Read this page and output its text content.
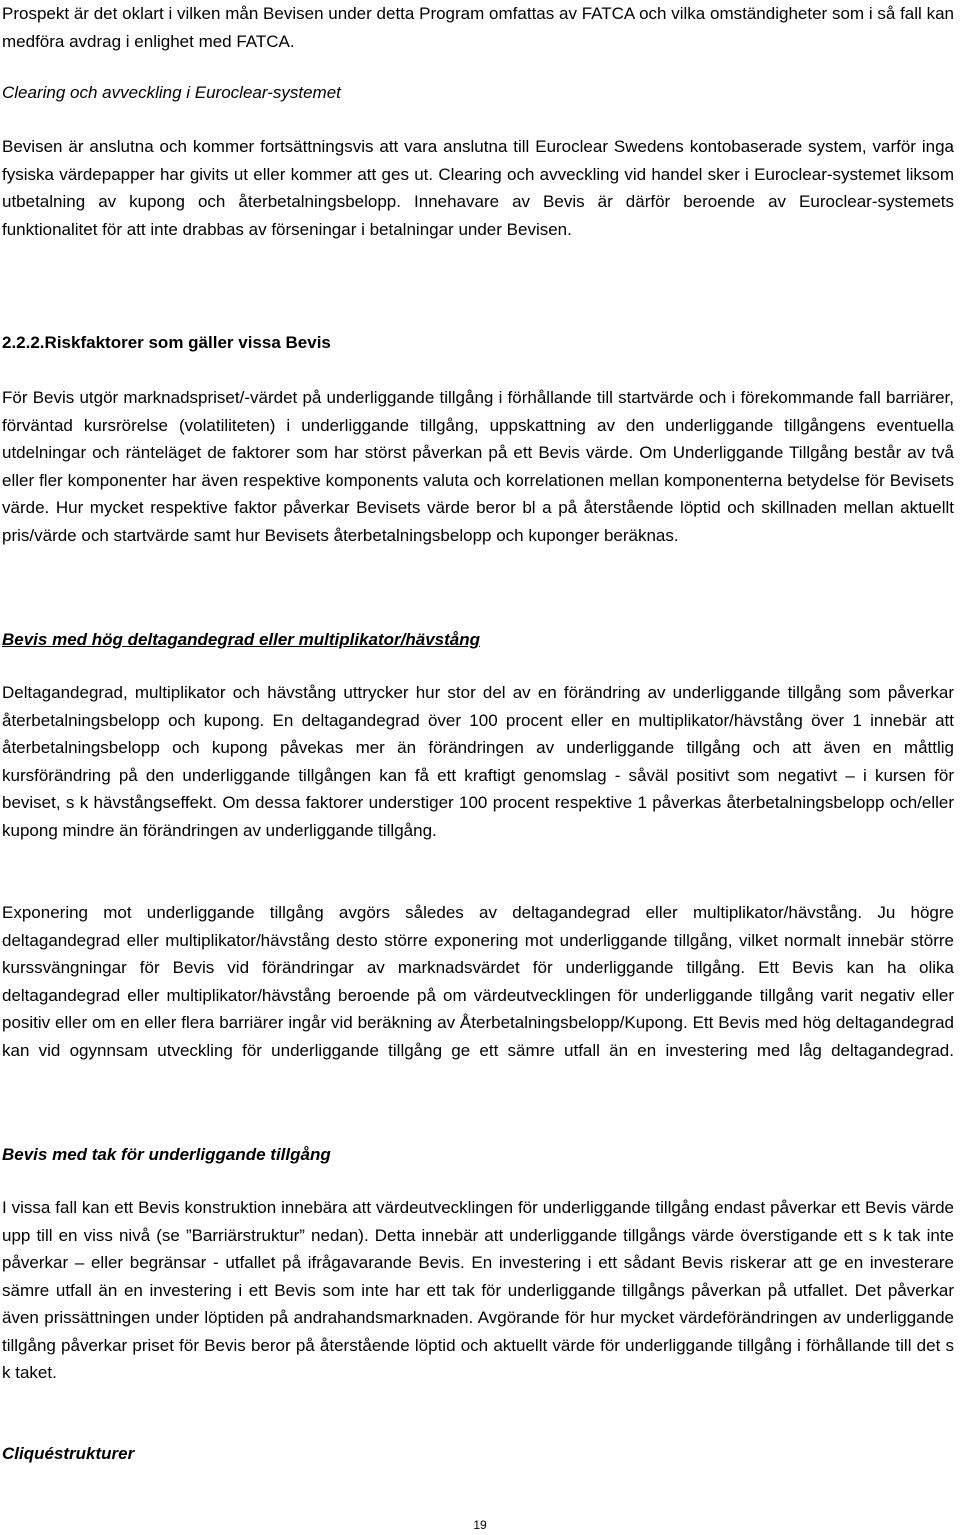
Prospekt är det oklart i vilken mån Bevisen under detta Program omfattas av FATCA och vilka omständigheter som i så fall kan medföra avdrag i enlighet med FATCA.

Clearing och avveckling i Euroclear-systemet

Bevisen är anslutna och kommer fortsättningsvis att vara anslutna till Euroclear Swedens kontobaserade system, varför inga fysiska värdepapper har givits ut eller kommer att ges ut. Clearing och avveckling vid handel sker i Euroclear-systemet liksom utbetalning av kupong och återbetalningsbelopp. Innehavare av Bevis är därför beroende av Euroclear-systemets funktionalitet för att inte drabbas av förseningar i betalningar under Bevisen.

2.2.2.Riskfaktorer som gäller vissa Bevis

För Bevis utgör marknadspriset/-värdet på underliggande tillgång i förhållande till startvärde och i förekommande fall barriärer, förväntad kursrörelse (volatiliteten) i underliggande tillgång, uppskattning av den underliggande tillgångens eventuella utdelningar och ränteläget de faktorer som har störst påverkan på ett Bevis värde. Om Underliggande Tillgång består av två eller fler komponenter har även respektive komponents valuta och korrelationen mellan komponenterna betydelse för Bevisets värde. Hur mycket respektive faktor påverkar Bevisets värde beror bl a på återstående löptid och skillnaden mellan aktuellt pris/värde och startvärde samt hur Bevisets återbetalningsbelopp och kuponger beräknas.

Bevis med hög deltagandegrad eller multiplikator/hävstång

Deltagandegrad, multiplikator och hävstång uttrycker hur stor del av en förändring av underliggande tillgång som påverkar återbetalningsbelopp och kupong. En deltagandegrad över 100 procent eller en multiplikator/hävstång över 1 innebär att återbetalningsbelopp och kupong påvekas mer än förändringen av underliggande tillgång och att även en måttlig kursförändring på den underliggande tillgången kan få ett kraftigt genomslag - såväl positivt som negativt – i kursen för beviset, s k hävstångseffekt. Om dessa faktorer understiger 100 procent respektive 1 påverkas återbetalningsbelopp och/eller kupong mindre än förändringen av underliggande tillgång.

Exponering mot underliggande tillgång avgörs således av deltagandegrad eller multiplikator/hävstång. Ju högre deltagandegrad eller multiplikator/hävstång desto större exponering mot underliggande tillgång, vilket normalt innebär större kurssvängningar för Bevis vid förändringar av marknadsvärdet för underliggande tillgång. Ett Bevis kan ha olika deltagandegrad eller multiplikator/hävstång beroende på om värdeutvecklingen för underliggande tillgång varit negativ eller positiv eller om en eller flera barriärer ingår vid beräkning av Återbetalningsbelopp/Kupong. Ett Bevis med hög deltagandegrad kan vid ogynnsam utveckling för underliggande tillgång ge ett sämre utfall än en investering med låg deltagandegrad.

Bevis med tak för underliggande tillgång

I vissa fall kan ett Bevis konstruktion innebära att värdeutvecklingen för underliggande tillgång endast påverkar ett Bevis värde upp till en viss nivå (se ”Barriärstruktur” nedan). Detta innebär att underliggande tillgångs värde överstigande ett s k tak inte påverkar – eller begränsar - utfallet på ifrågavarande Bevis. En investering i ett sådant Bevis riskerar att ge en investerare sämre utfall än en investering i ett Bevis som inte har ett tak för underliggande tillgångs påverkan på utfallet. Det påverkar även prissättningen under löptiden på andrahandsmarknaden. Avgörande för hur mycket värdeförändringen av underliggande tillgång påverkar priset för Bevis beror på återstående löptid och aktuellt värde för underliggande tillgång i förhållande till det s k taket.

Cliquéstrukturer

19
